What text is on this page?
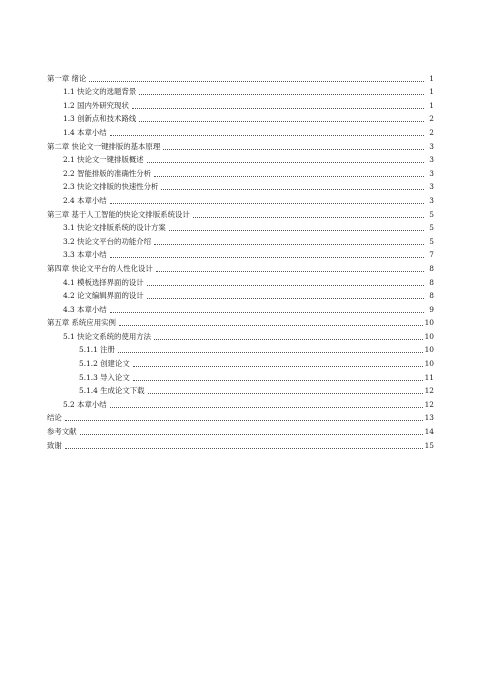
第一章 绪论	1
1.1 快论文的选题背景	1
1.2 国内外研究现状	1
1.3 创新点和技术路线	2
1.4 本章小结	2
第二章 快论文一键排版的基本原理	3
2.1 快论文一键排版概述	3
2.2 智能排版的准确性分析	3
2.3 快论文排版的快速性分析	3
2.4 本章小结	3
第三章 基于人工智能的快论文排版系统设计	5
3.1 快论文排版系统的设计方案	5
3.2 快论文平台的功能介绍	5
3.3 本章小结	7
第四章 快论文平台的人性化设计	8
4.1 模板选择界面的设计	8
4.2 论文编辑界面的设计	8
4.3 本章小结	9
第五章 系统应用实例	10
5.1 快论文系统的使用方法	10
5.1.1 注册	10
5.1.2 创建论文	10
5.1.3 导入论文	11
5.1.4 生成论文下载	12
5.2 本章小结	12
结论	13
参考文献	14
致谢	15
